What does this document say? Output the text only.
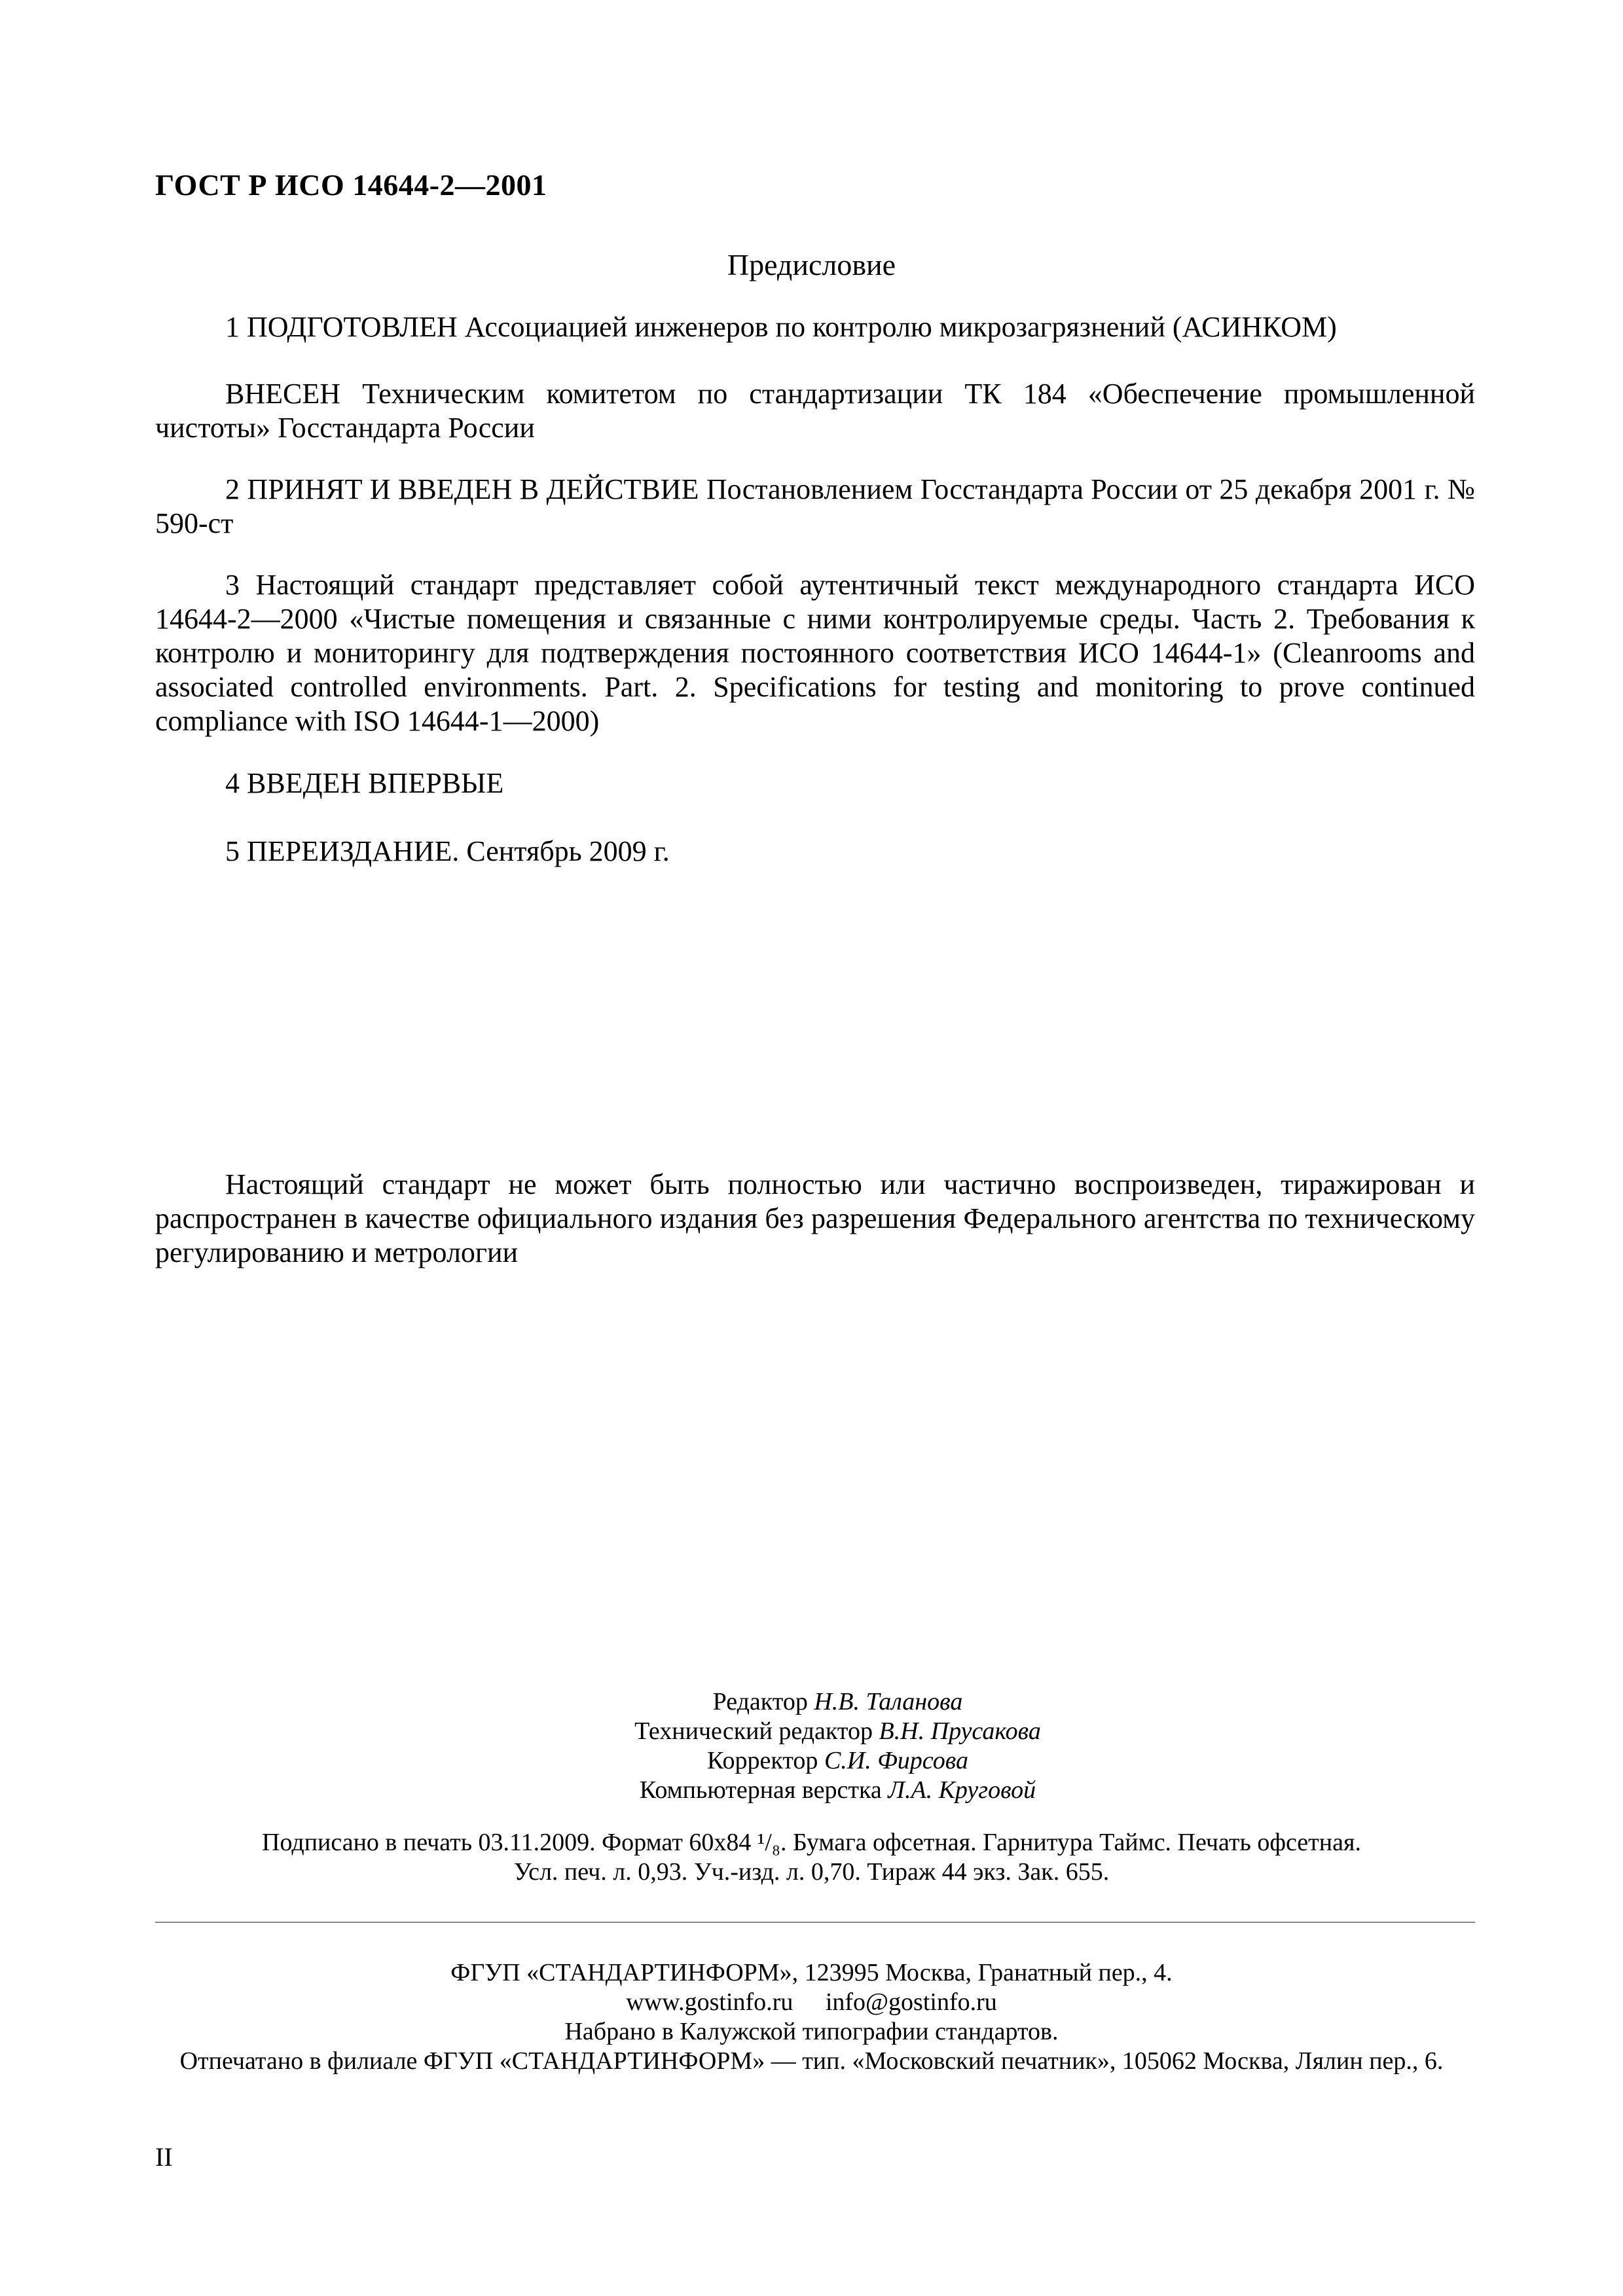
ГОСТ Р ИСО 14644-2—2001
Предисловие

1 ПОДГОТОВЛЕН Ассоциацией инженеров по контролю микрозагрязнений (АСИНКОМ)

ВНЕСЕН Техническим комитетом по стандартизации ТК 184 «Обеспечение промышленной чистоты» Госстандарта России

2 ПРИНЯТ И ВВЕДЕН В ДЕЙСТВИЕ Постановлением Госстандарта России от 25 декабря 2001 г. № 590-ст

3 Настоящий стандарт представляет собой аутентичный текст международного стандарта ИСО 14644-2—2000 «Чистые помещения и связанные с ними контролируемые среды. Часть 2. Требования к контролю и мониторингу для подтверждения постоянного соответствия ИСО 14644-1» (Cleanrooms and associated controlled environments. Part. 2. Specifications for testing and monitoring to prove continued compliance with ISO 14644-1—2000)

4 ВВЕДЕН ВПЕРВЫЕ

5 ПЕРЕИЗДАНИЕ. Сентябрь 2009 г.

Настоящий стандарт не может быть полностью или частично воспроизведен, тиражирован и распространен в качестве официального издания без разрешения Федерального агентства по техническому регулированию и метрологии

Редактор Н.В. Таланова
Технический редактор В.Н. Прусакова
Корректор С.И. Фирсова
Компьютерная верстка Л.А. Круговой
Подписано в печать 03.11.2009. Формат 60х84 ¹/₈. Бумага офсетная. Гарнитура Таймс. Печать офсетная.
Усл. печ. л. 0,93. Уч.-изд. л. 0,70. Тираж 44 экз. Зак. 655.
ФГУП «СТАНДАРТИНФОРМ», 123995 Москва, Гранатный пер., 4.
www.gostinfo.ru info@gostinfo.ru
Набрано в Калужской типографии стандартов.
Отпечатано в филиале ФГУП «СТАНДАРТИНФОРМ» — тип. «Московский печатник», 105062 Москва, Лялин пер., 6.
II
